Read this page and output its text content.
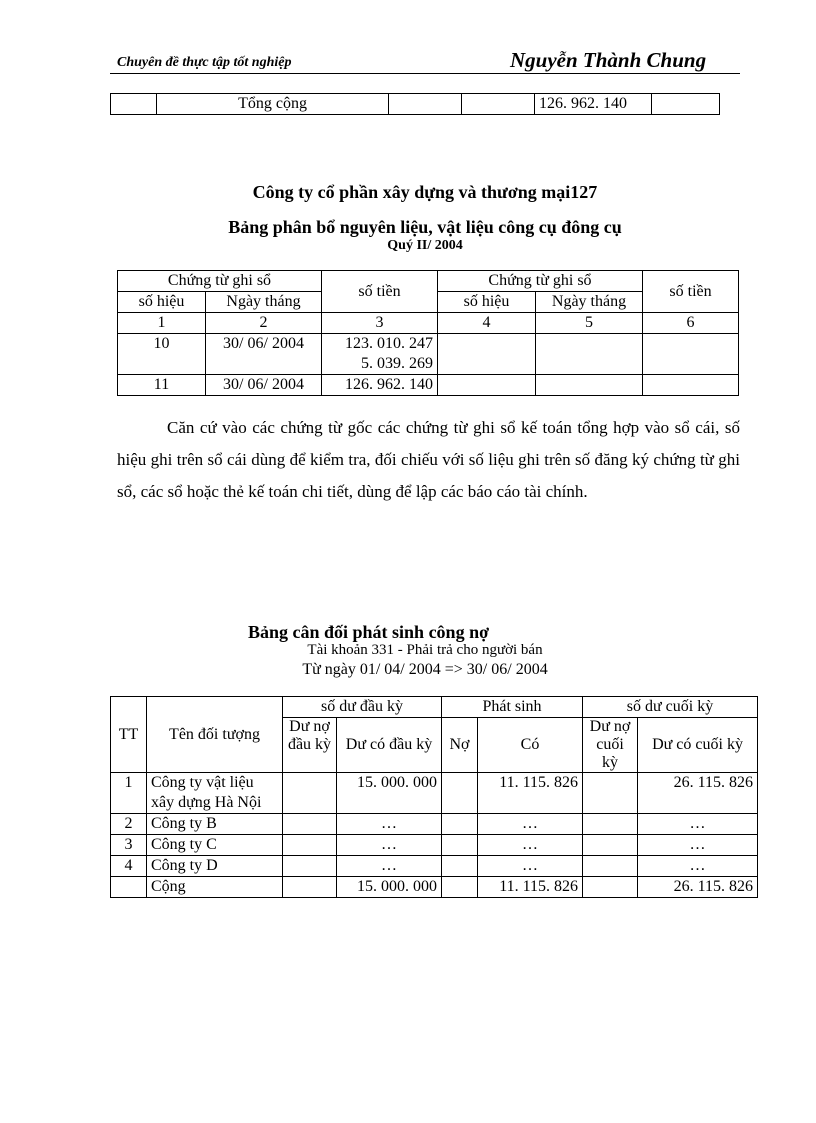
Chuyên đề thực tập tốt nghiệp	Nguyễn Thành Chung
	Tổng cộng			126. 962. 140	
Công ty cổ phần xây dựng và thương mại127
Bảng phân bổ nguyên liệu, vật liệu công cụ đông cụ
Quý II/ 2004
Chứng từ ghi sổ		số tiền	Chứng từ ghi sổ		số tiền
số hiệu	Ngày tháng		số hiệu	Ngày tháng	
1	2	3	4	5	6
10	30/ 06/ 2004	123. 010. 247
5. 039. 269			

11	30/ 06/ 2004	126. 962. 140			
Căn cứ vào các chứng từ gốc các chứng từ ghi sổ kế toán tổng hợp vào sổ cái, số hiệu ghi trên sổ cái dùng để kiểm tra, đối chiếu với số liệu ghi trên số đăng ký chứng từ ghi sổ, các sổ hoặc thẻ kế toán chi tiết, dùng để lập các báo cáo tài chính.
Bảng cân đối phát sinh công nợ
Tài khoản 331 - Phải trả cho người bán
Từ ngày 01/ 04/ 2004 => 30/ 06/ 2004
TT	Tên đối tượng	số dư đầu kỳ		Phát sinh		số dư cuối kỳ	
		Dư nợ đầu kỳ	Dư có đầu kỳ	Nợ	Có	Dư nợ cuối kỳ	Dư có cuối kỳ
1	Công ty vật liệu xây dựng Hà Nội		15. 000. 000		11. 115. 826		26. 115. 826
2	Công ty B		…		…		…
3	Công ty C		…		…		…
4	Công ty D		…		…		…
	Cộng		15. 000. 000		11. 115. 826		26. 115. 826
